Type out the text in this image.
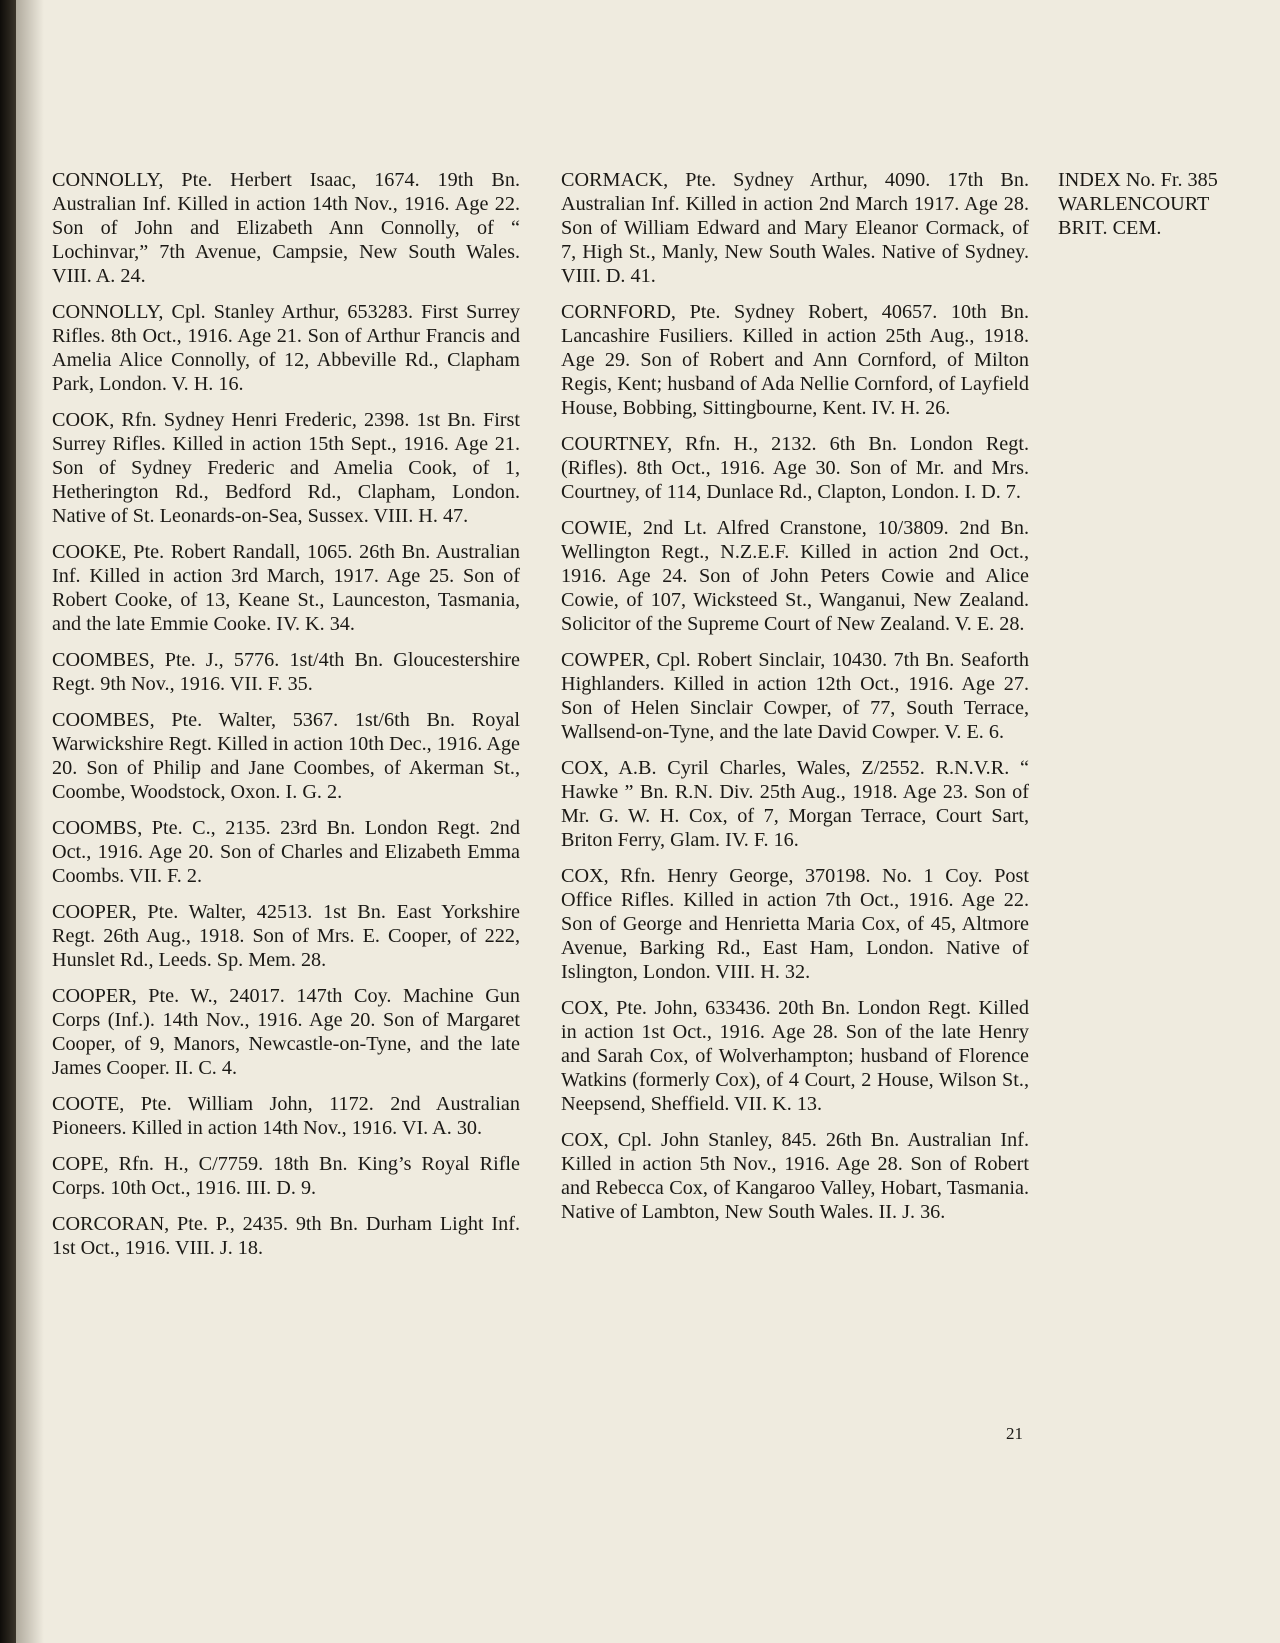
CONNOLLY, Pte. Herbert Isaac, 1674. 19th Bn. Australian Inf. Killed in action 14th Nov., 1916. Age 22. Son of John and Elizabeth Ann Connolly, of “ Lochinvar,” 7th Avenue, Campsie, New South Wales. VIII. A. 24.

CONNOLLY, Cpl. Stanley Arthur, 653283. First Surrey Rifles. 8th Oct., 1916. Age 21. Son of Arthur Francis and Amelia Alice Connolly, of 12, Abbeville Rd., Clapham Park, London. V. H. 16.

COOK, Rfn. Sydney Henri Frederic, 2398. 1st Bn. First Surrey Rifles. Killed in action 15th Sept., 1916. Age 21. Son of Sydney Frederic and Amelia Cook, of 1, Hetherington Rd., Bedford Rd., Clapham, London. Native of St. Leonards-on-Sea, Sussex. VIII. H. 47.

COOKE, Pte. Robert Randall, 1065. 26th Bn. Australian Inf. Killed in action 3rd March, 1917. Age 25. Son of Robert Cooke, of 13, Keane St., Launceston, Tasmania, and the late Emmie Cooke. IV. K. 34.

COOMBES, Pte. J., 5776. 1st/4th Bn. Gloucestershire Regt. 9th Nov., 1916. VII. F. 35.

COOMBES, Pte. Walter, 5367. 1st/6th Bn. Royal Warwickshire Regt. Killed in action 10th Dec., 1916. Age 20. Son of Philip and Jane Coombes, of Akerman St., Coombe, Woodstock, Oxon. I. G. 2.

COOMBS, Pte. C., 2135. 23rd Bn. London Regt. 2nd Oct., 1916. Age 20. Son of Charles and Elizabeth Emma Coombs. VII. F. 2.

COOPER, Pte. Walter, 42513. 1st Bn. East Yorkshire Regt. 26th Aug., 1918. Son of Mrs. E. Cooper, of 222, Hunslet Rd., Leeds. Sp. Mem. 28.

COOPER, Pte. W., 24017. 147th Coy. Machine Gun Corps (Inf.). 14th Nov., 1916. Age 20. Son of Margaret Cooper, of 9, Manors, Newcastle-on-Tyne, and the late James Cooper. II. C. 4.

COOTE, Pte. William John, 1172. 2nd Australian Pioneers. Killed in action 14th Nov., 1916. VI. A. 30.

COPE, Rfn. H., C/7759. 18th Bn. King’s Royal Rifle Corps. 10th Oct., 1916. III. D. 9.

CORCORAN, Pte. P., 2435. 9th Bn. Durham Light Inf. 1st Oct., 1916. VIII. J. 18.

CORMACK, Pte. Sydney Arthur, 4090. 17th Bn. Australian Inf. Killed in action 2nd March 1917. Age 28. Son of William Edward and Mary Eleanor Cormack, of 7, High St., Manly, New South Wales. Native of Sydney. VIII. D. 41.

CORNFORD, Pte. Sydney Robert, 40657. 10th Bn. Lancashire Fusiliers. Killed in action 25th Aug., 1918. Age 29. Son of Robert and Ann Cornford, of Milton Regis, Kent; husband of Ada Nellie Cornford, of Layfield House, Bobbing, Sittingbourne, Kent. IV. H. 26.

COURTNEY, Rfn. H., 2132. 6th Bn. London Regt. (Rifles). 8th Oct., 1916. Age 30. Son of Mr. and Mrs. Courtney, of 114, Dunlace Rd., Clapton, London. I. D. 7.

COWIE, 2nd Lt. Alfred Cranstone, 10/3809. 2nd Bn. Wellington Regt., N.Z.E.F. Killed in action 2nd Oct., 1916. Age 24. Son of John Peters Cowie and Alice Cowie, of 107, Wicksteed St., Wanganui, New Zealand. Solicitor of the Supreme Court of New Zealand. V. E. 28.

COWPER, Cpl. Robert Sinclair, 10430. 7th Bn. Seaforth Highlanders. Killed in action 12th Oct., 1916. Age 27. Son of Helen Sinclair Cowper, of 77, South Terrace, Wallsend-on-Tyne, and the late David Cowper. V. E. 6.

COX, A.B. Cyril Charles, Wales, Z/2552. R.N.V.R. “ Hawke ” Bn. R.N. Div. 25th Aug., 1918. Age 23. Son of Mr. G. W. H. Cox, of 7, Morgan Terrace, Court Sart, Briton Ferry, Glam. IV. F. 16.

COX, Rfn. Henry George, 370198. No. 1 Coy. Post Office Rifles. Killed in action 7th Oct., 1916. Age 22. Son of George and Henrietta Maria Cox, of 45, Altmore Avenue, Barking Rd., East Ham, London. Native of Islington, London. VIII. H. 32.

COX, Pte. John, 633436. 20th Bn. London Regt. Killed in action 1st Oct., 1916. Age 28. Son of the late Henry and Sarah Cox, of Wolverhampton; husband of Florence Watkins (formerly Cox), of 4 Court, 2 House, Wilson St., Neepsend, Sheffield. VII. K. 13.

COX, Cpl. John Stanley, 845. 26th Bn. Australian Inf. Killed in action 5th Nov., 1916. Age 28. Son of Robert and Rebecca Cox, of Kangaroo Valley, Hobart, Tasmania. Native of Lambton, New South Wales. II. J. 36.

INDEX No. Fr. 385
WARLENCOURT
BRIT. CEM.
21
